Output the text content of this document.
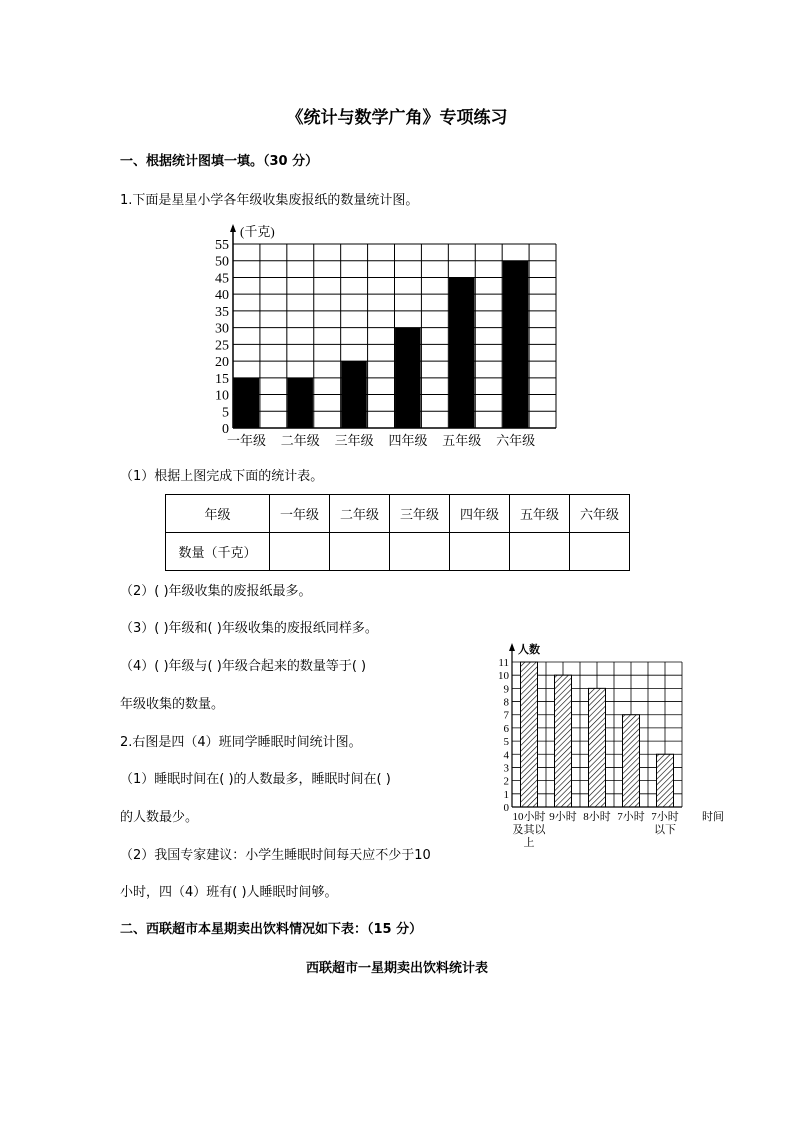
《统计与数学广角》专项练习
一、根据统计图填一填。（30 分）
1.下面是星星小学各年级收集废报纸的数量统计图。
0
5
10
15
20
25
30
35
40
45
50
55
一年级 二年级 三年级 四年级 五年级 六年级
(千克)
（1）根据上图完成下面的统计表。
年级	一年级	二年级	三年级	四年级	五年级	六年级
数量（千克）						
（2）( )年级收集的废报纸最多。
（3）( )年级和( )年级收集的废报纸同样多。
（4）( )年级与( )年级合起来的数量等于( )
年级收集的数量。
2.右图是四（4）班同学睡眠时间统计图。
（1）睡眠时间在( )的人数最多，睡眠时间在( )
的人数最少。
（2）我国专家建议：小学生睡眠时间每天应不少于10
小时，四（4）班有( )人睡眠时间够。
0
1
2
3
4
5
6
7
8
9
10
11
10小时
及其以
上
9小时 8小时 7小时 7小时
以下
人数
时间
二、西联超市本星期卖出饮料情况如下表：（15 分）
西联超市一星期卖出饮料统计表
